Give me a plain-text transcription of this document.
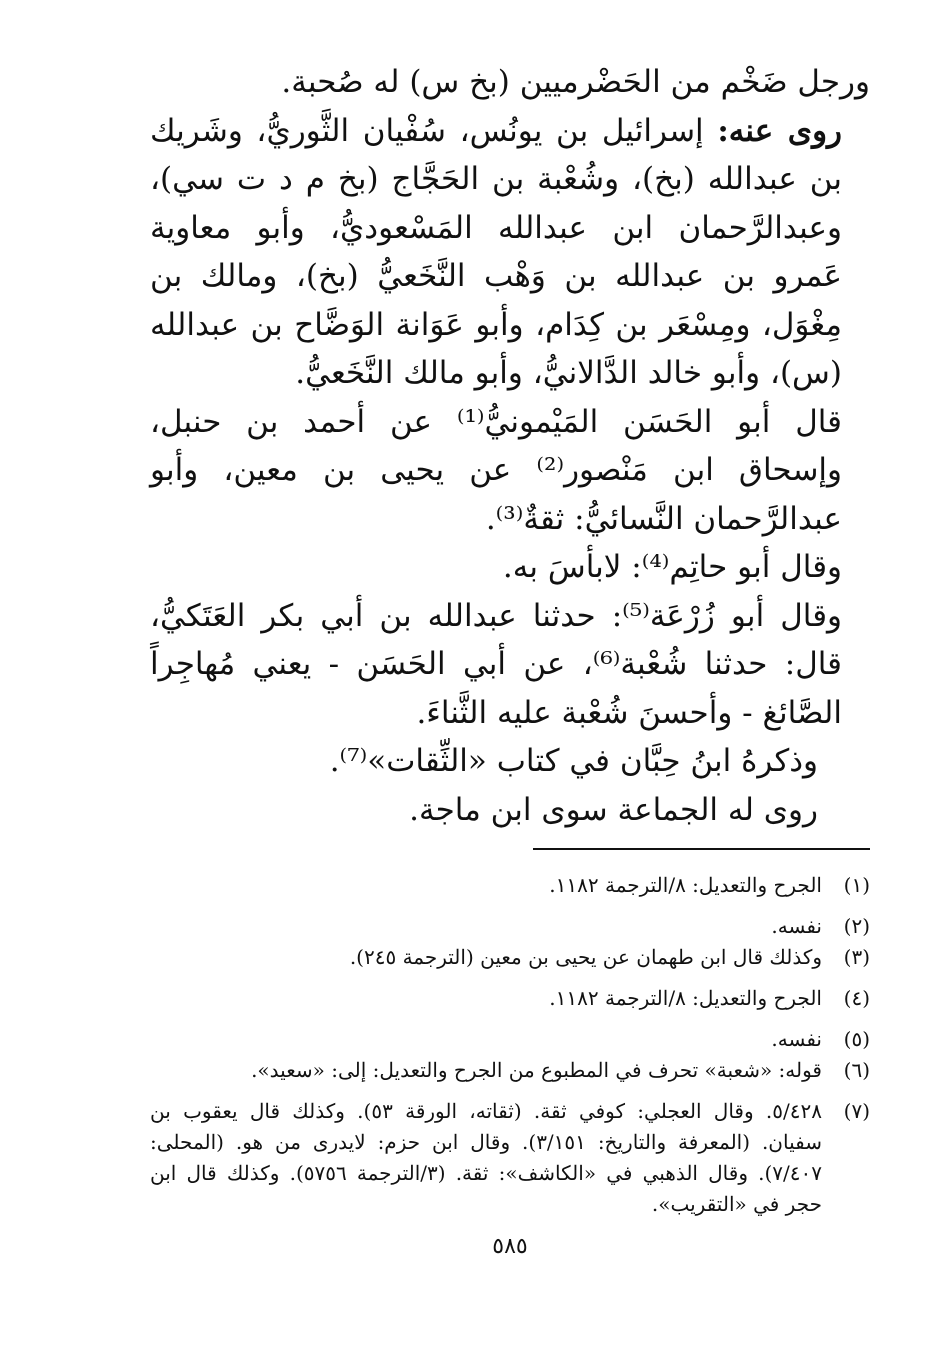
ورجل ضَخْم من الحَضْرميين (بخ س) له صُحبة.

روى عنه: إسرائيل بن يونُس، سُفْيان الثَّوريُّ، وشَريك بن عبدالله (بخ)، وشُعْبة بن الحَجَّاج (بخ م د ت سي)، وعبدالرَّحمان ابن عبدالله المَسْعوديُّ، وأبو معاوية عَمرو بن عبدالله بن وَهْب النَّخَعيُّ (بخ)، ومالك بن مِغْوَل، ومِسْعَر بن كِدَام، وأبو عَوَانة الوَضَّاح بن عبدالله (س)، وأبو خالد الدَّالانيُّ، وأبو مالك النَّخَعيُّ.

قال أبو الحَسَن المَيْمونيُّ⁽¹⁾ عن أحمد بن حنبل، وإسحاق ابن مَنْصور⁽²⁾ عن يحيى بن معين، وأبو عبدالرَّحمان النَّسائيُّ: ثقةٌ⁽³⁾.

وقال أبو حاتِم⁽⁴⁾: لابأسَ به.

وقال أبو زُرْعَة⁽⁵⁾: حدثنا عبدالله بن أبي بكر العَتَكيُّ، قال: حدثنا شُعْبة⁽⁶⁾، عن أبي الحَسَن - يعني مُهاجِراً الصَّائغ - وأحسنَ شُعْبة عليه الثَّناءَ.

وذكرهُ ابنُ حِبَّان في كتاب «الثِّقات»⁽⁷⁾.

روى له الجماعة سوى ابن ماجة.

(١)
الجرح والتعديل: ٨/الترجمة ١١٨٢.
(٢)
نفسه.
(٣)
وكذلك قال ابن طهمان عن يحيى بن معين (الترجمة ٢٤٥).
(٤)
الجرح والتعديل: ٨/الترجمة ١١٨٢.
(٥)
نفسه.
(٦)
قوله: «شعبة» تحرف في المطبوع من الجرح والتعديل: إلى: «سعيد».
(٧)
٥/٤٢٨. وقال العجلي: كوفي ثقة. (ثقاته، الورقة ٥٣). وكذلك قال يعقوب بن سفيان. (المعرفة والتاريخ: ٣/١٥١). وقال ابن حزم: لايدرى من هو. (المحلى: ٧/٤٠٧). وقال الذهبي في «الكاشف»: ثقة. (٣/الترجمة ٥٧٥٦). وكذلك قال ابن حجر في «التقريب».
٥٨٥
